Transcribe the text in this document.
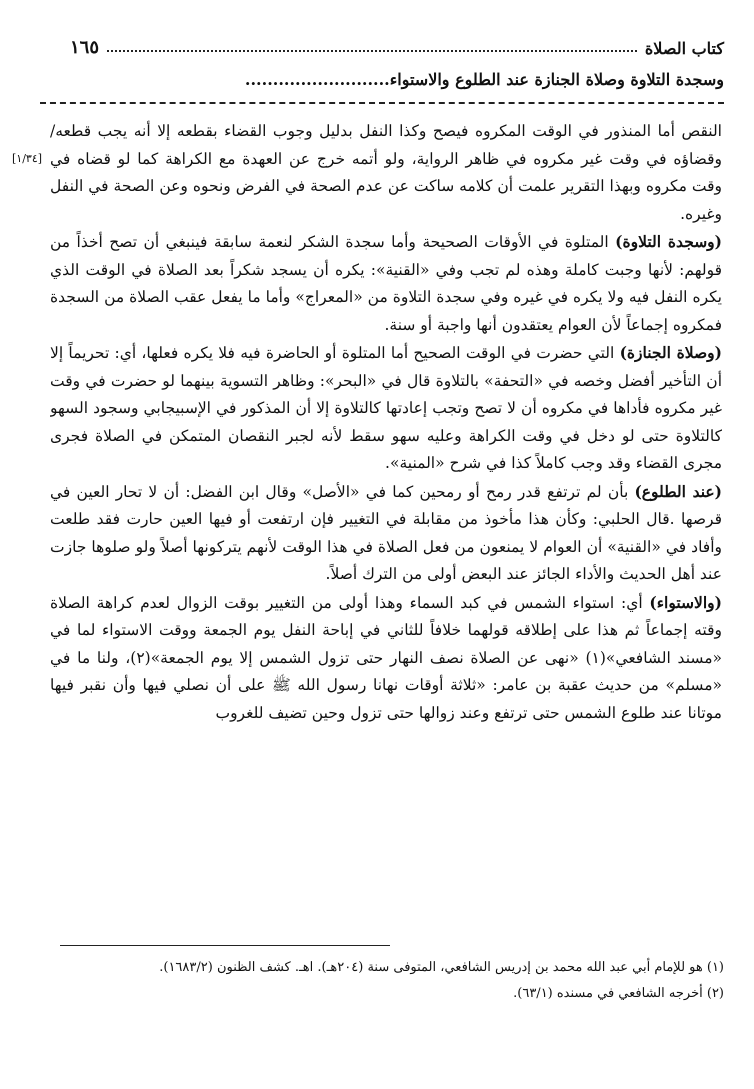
كتاب الصلاة
١٦٥
وسجدة التلاوة وصلاة الجنازة عند الطلوع والاستواء..........................
[١/٣٤]

النقص أما المنذور في الوقت المكروه فيصح وكذا النفل بدليل وجوب القضاء بقطعه إلا أنه يجب قطعه/ وقضاؤه في وقت غير مكروه في ظاهر الرواية، ولو أتمه خرج عن العهدة مع الكراهة كما لو قضاه في وقت مكروه وبهذا التقرير علمت أن كلامه ساكت عن عدم الصحة في الفرض ونحوه وعن الصحة في النفل وغيره.

(وسجدة التلاوة) المتلوة في الأوقات الصحيحة وأما سجدة الشكر لنعمة سابقة فينبغي أن تصح أخذاً من قولهم: لأنها وجبت كاملة وهذه لم تجب وفي «القنية»: يكره أن يسجد شكراً بعد الصلاة في الوقت الذي يكره النفل فيه ولا يكره في غيره وفي سجدة التلاوة من «المعراج» وأما ما يفعل عقب الصلاة من السجدة فمكروه إجماعاً لأن العوام يعتقدون أنها واجبة أو سنة.

(وصلاة الجنازة) التي حضرت في الوقت الصحيح أما المتلوة أو الحاضرة فيه فلا يكره فعلها، أي: تحريماً إلا أن التأخير أفضل وخصه في «التحفة» بالتلاوة قال في «البحر»: وظاهر التسوية بينهما لو حضرت في وقت غير مكروه فأداها في مكروه أن لا تصح وتجب إعادتها كالتلاوة إلا أن المذكور في الإسبيجابي وسجود السهو كالتلاوة حتى لو دخل في وقت الكراهة وعليه سهو سقط لأنه لجبر النقصان المتمكن في الصلاة فجرى مجرى القضاء وقد وجب كاملاً كذا في شرح «المنية».

(عند الطلوع) بأن لم ترتفع قدر رمح أو رمحين كما في «الأصل» وقال ابن الفضل: أن لا تحار العين في قرصها .قال الحلبي: وكأن هذا مأخوذ من مقابلة في التغيير فإن ارتفعت أو فيها العين حارت فقد طلعت وأفاد في «القنية» أن العوام لا يمنعون من فعل الصلاة في هذا الوقت لأنهم يتركونها أصلاً ولو صلوها جازت عند أهل الحديث والأداء الجائز عند البعض أولى من الترك أصلاً.

(والاستواء) أي: استواء الشمس في كبد السماء وهذا أولى من التغيير بوقت الزوال لعدم كراهة الصلاة وقته إجماعاً ثم هذا على إطلاقه قولهما خلافاً للثاني في إباحة النفل يوم الجمعة ووقت الاستواء لما في «مسند الشافعي»(١) «نهى عن الصلاة نصف النهار حتى تزول الشمس إلا يوم الجمعة»(٢)، ولنا ما في «مسلم» من حديث عقبة بن عامر: «ثلاثة أوقات نهانا رسول الله ﷺ على أن نصلي فيها وأن نقبر فيها موتانا عند طلوع الشمس حتى ترتفع وعند زوالها حتى تزول وحين تضيف للغروب

(١) هو للإمام أبي عبد الله محمد بن إدريس الشافعي، المتوفى سنة (٢٠٤هـ). اهـ. كشف الظنون (١٦٨٣/٢).

(٢) أخرجه الشافعي في مسنده (٦٣/١).
